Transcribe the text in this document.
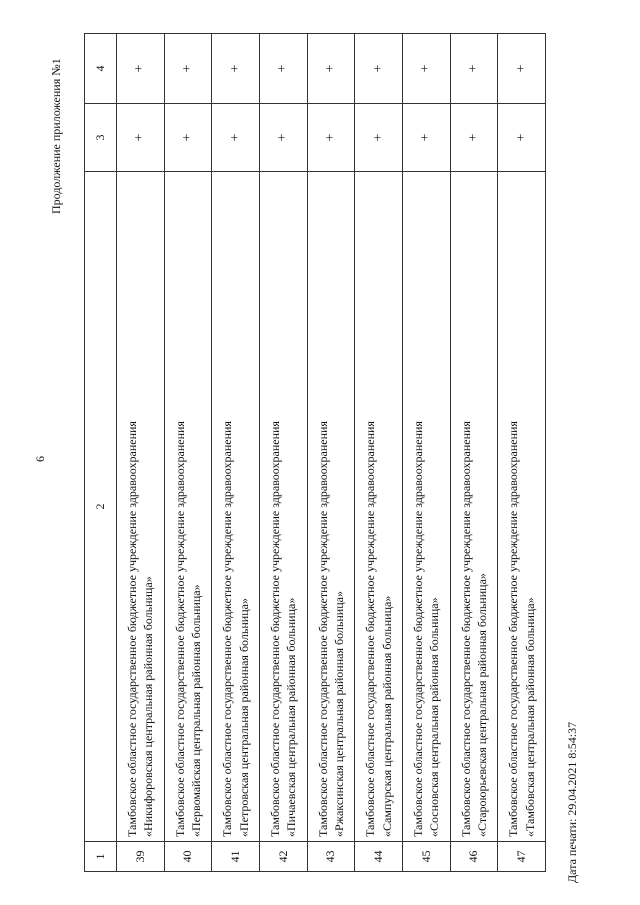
6
Продолжение приложения №1
Дата печати: 29.04.2021 8:54:37
1	2	3	4
39	Тамбовское областное государственное бюджетное учреждение здравоохранения «Никифоровская центральная районная больница»	+	+
40	Тамбовское областное государственное бюджетное учреждение здравоохранения «Первомайская центральная районная больница»	+	+
41	Тамбовское областное государственное бюджетное учреждение здравоохранения «Петровская центральная районная больница»	+	+
42	Тамбовское областное государственное бюджетное учреждение здравоохранения «Пичаевская центральная районная больница»	+	+
43	Тамбовское областное государственное бюджетное учреждение здравоохранения «Ржаксинская центральная районная больница»	+	+
44	Тамбовское областное государственное бюджетное учреждение здравоохранения «Сампурская центральная районная больница»	+	+
45	Тамбовское областное государственное бюджетное учреждение здравоохранения «Сосновская центральная районная больница»	+	+
46	Тамбовское областное государственное бюджетное учреждение здравоохранения «Староюрьевская центральная районная больница»	+	+
47	Тамбовское областное государственное бюджетное учреждение здравоохранения «Тамбовская центральная районная больница»	+	+
